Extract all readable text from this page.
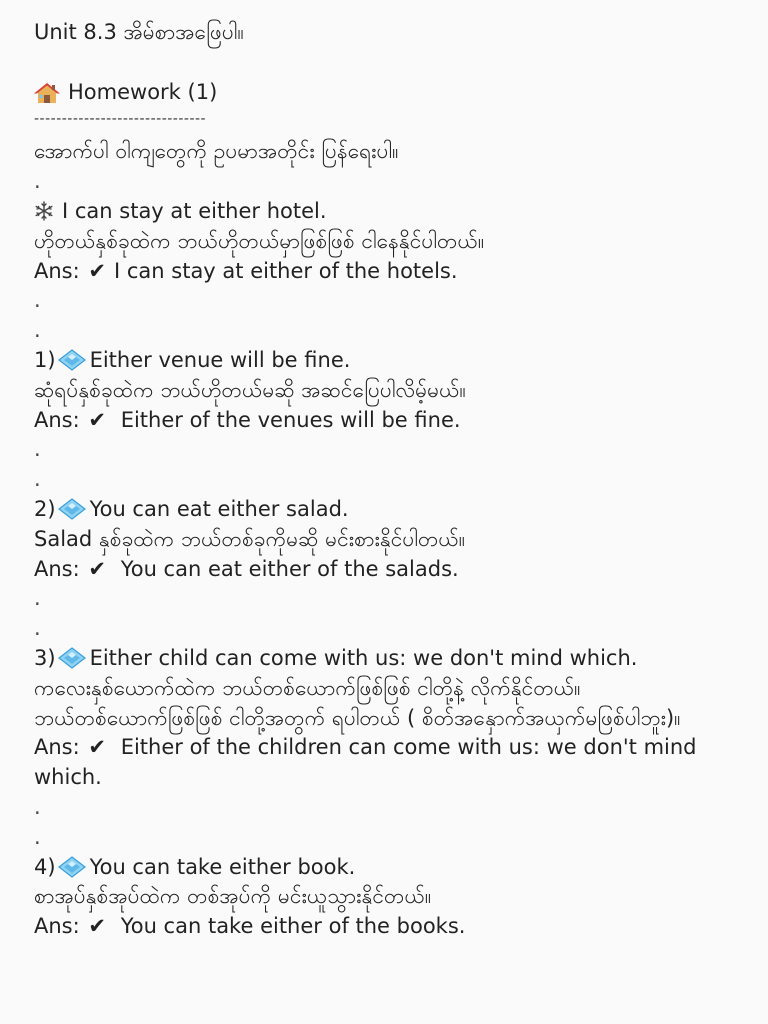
Unit 8.3 အိမ်စာအဖြေပါ။
Homework (1)
-------------------------------
အောက်ပါ ဝါကျတွေကို ဥပမာအတိုင်း ပြန်ရေးပါ။
.
I can stay at either hotel.
ဟိုတယ်နှစ်ခုထဲက ဘယ်ဟိုတယ်မှာဖြစ်ဖြစ် ငါနေနိုင်ပါတယ်။
Ans: ✔ I can stay at either of the hotels.
.
.
1) Either venue will be fine.
ဆုံရပ်နှစ်ခုထဲက ဘယ်ဟိုတယ်မဆို အဆင်ပြေပါလိမ့်မယ်။
Ans: ✔ Either of the venues will be fine.
.
.
2) You can eat either salad.
Salad နှစ်ခုထဲက ဘယ်တစ်ခုကိုမဆို မင်းစားနိုင်ပါတယ်။
Ans: ✔ You can eat either of the salads.
.
.
3) Either child can come with us: we don't mind which.
ကလေးနှစ်ယောက်ထဲက ဘယ်တစ်ယောက်ဖြစ်ဖြစ် ငါတို့နဲ့ လိုက်နိုင်တယ်။
ဘယ်တစ်ယောက်ဖြစ်ဖြစ် ငါတို့အတွက် ရပါတယ် ( စိတ်အနှောက်အယှက်မဖြစ်ပါဘူး)။
Ans: ✔ Either of the children can come with us: we don't mind which.
.
.
4) You can take either book.
စာအုပ်နှစ်အုပ်ထဲက တစ်အုပ်ကို မင်းယူသွားနိုင်တယ်။
Ans: ✔ You can take either of the books.
